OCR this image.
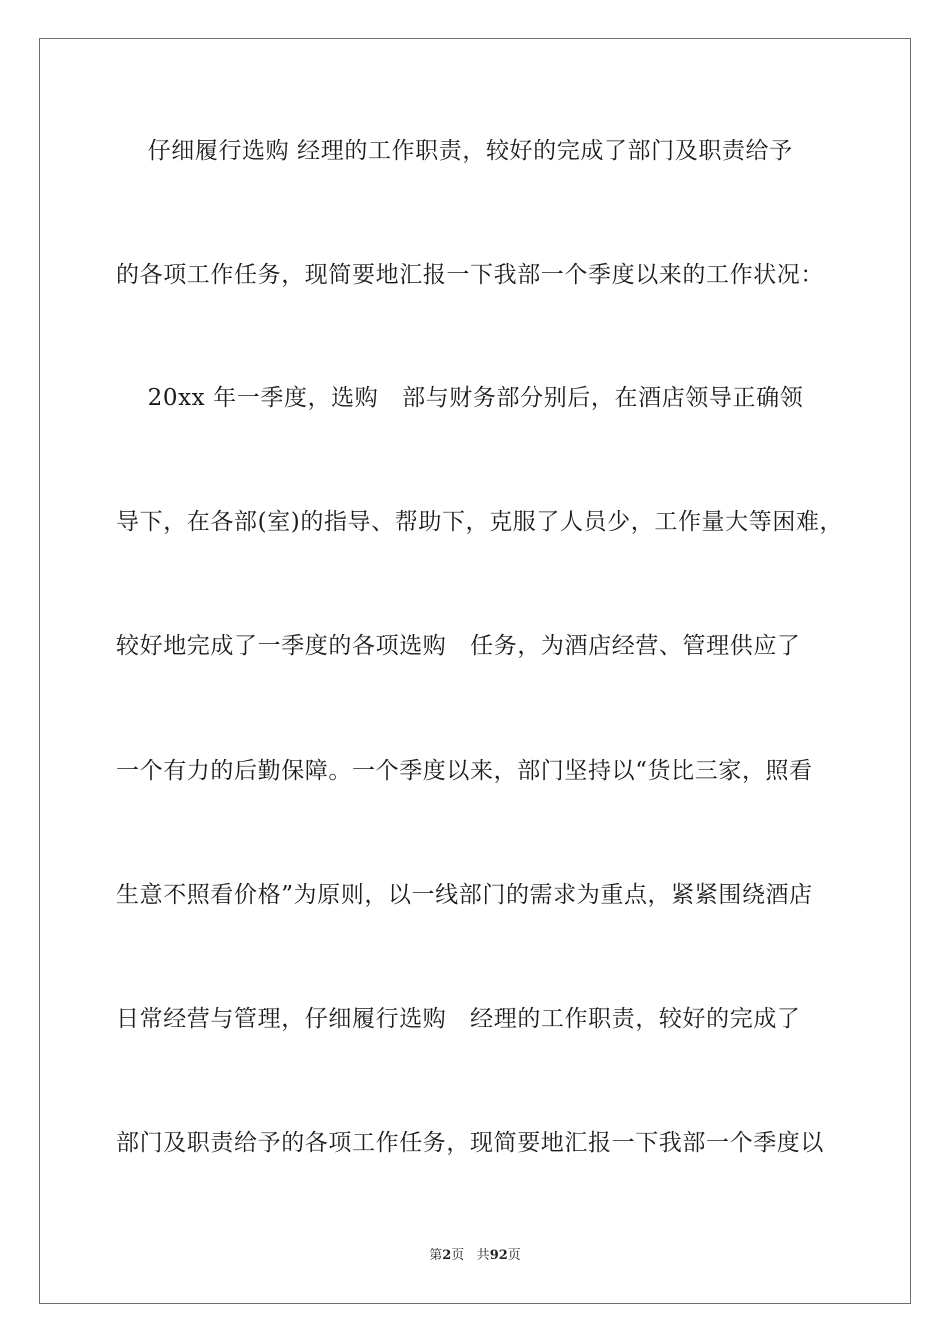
仔细履行选购 经理的工作职责，较好的完成了部门及职责给予
的各项工作任务，现简要地汇报一下我部一个季度以来的工作状况：
20xx 年一季度，选购   部与财务部分别后，在酒店领导正确领
导下，在各部(室)的指导、帮助下，克服了人员少，工作量大等困难，
较好地完成了一季度的各项选购   任务，为酒店经营、管理供应了
一个有力的后勤保障。一个季度以来，部门坚持以“货比三家，照看
生意不照看价格”为原则，以一线部门的需求为重点，紧紧围绕酒店
日常经营与管理，仔细履行选购   经理的工作职责，较好的完成了
部门及职责给予的各项工作任务，现简要地汇报一下我部一个季度以
第2页 共92页
